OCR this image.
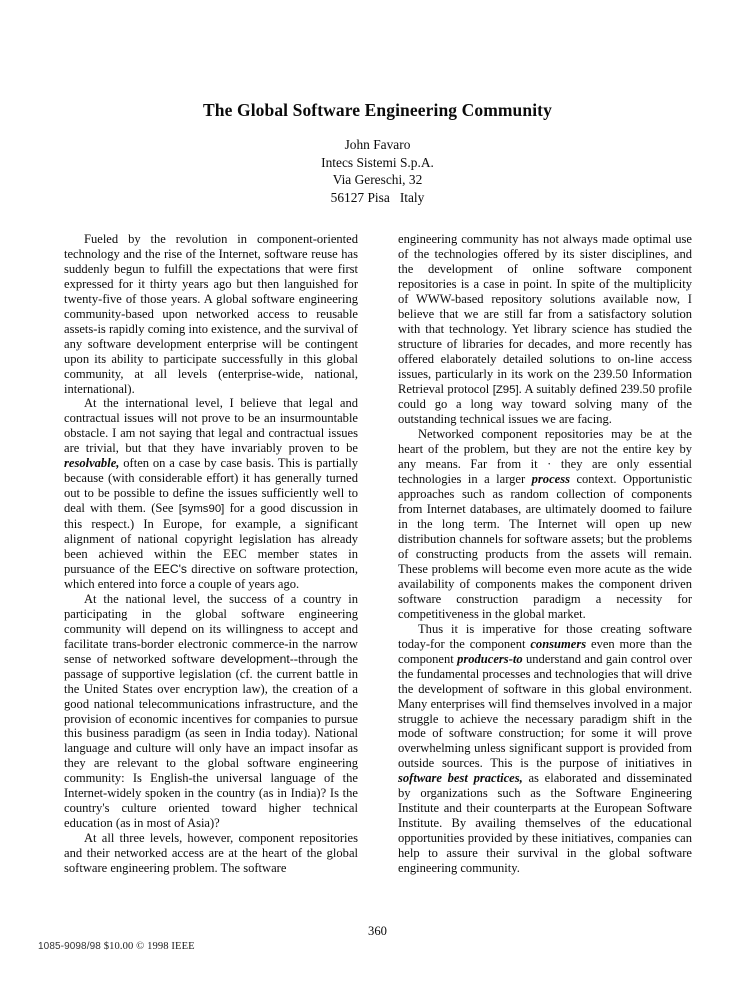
The Global Software Engineering Community
John Favaro
Intecs Sistemi S.p.A.
Via Gereschi, 32
56127 Pisa   Italy

Fueled by the revolution in component-oriented technology and the rise of the Internet, software reuse has suddenly begun to fulfill the expectations that were first expressed for it thirty years ago but then languished for twenty-five of those years. A global software engineering community-based upon networked access to reusable assets-is rapidly coming into existence, and the survival of any software development enterprise will be contingent upon its ability to participate successfully in this global community, at all levels (enterprise-wide, national, international).

At the international level, I believe that legal and contractual issues will not prove to be an insurmountable obstacle. I am not saying that legal and contractual issues are trivial, but that they have invariably proven to be resolvable, often on a case by case basis. This is partially because (with considerable effort) it has generally turned out to be possible to define the issues sufficiently well to deal with them. (See [syms90] for a good discussion in this respect.) In Europe, for example, a significant alignment of national copyright legislation has already been achieved within the EEC member states in pursuance of the EEC's directive on software protection, which entered into force a couple of years ago.

At the national level, the success of a country in participating in the global software engineering community will depend on its willingness to accept and facilitate trans-border electronic commerce-in the narrow sense of networked software development--through the passage of supportive legislation (cf. the current battle in the United States over encryption law), the creation of a good national telecommunications infrastructure, and the provision of economic incentives for companies to pursue this business paradigm (as seen in India today). National language and culture will only have an impact insofar as they are relevant to the global software engineering community: Is English-the universal language of the Internet-widely spoken in the country (as in India)? Is the country's culture oriented toward higher technical education (as in most of Asia)?

At all three levels, however, component repositories and their networked access are at the heart of the global software engineering problem. The software

engineering community has not always made optimal use of the technologies offered by its sister disciplines, and the development of online software component repositories is a case in point. In spite of the multiplicity of WWW-based repository solutions available now, I believe that we are still far from a satisfactory solution with that technology. Yet library science has studied the structure of libraries for decades, and more recently has offered elaborately detailed solutions to on-line access issues, particularly in its work on the 239.50 Information Retrieval protocol [Z95]. A suitably defined 239.50 profile could go a long way toward solving many of the outstanding technical issues we are facing.

Networked component repositories may be at the heart of the problem, but they are not the entire key by any means. Far from it · they are only essential technologies in a larger process context. Opportunistic approaches such as random collection of components from Internet databases, are ultimately doomed to failure in the long term. The Internet will open up new distribution channels for software assets; but the problems of constructing products from the assets will remain. These problems will become even more acute as the wide availability of components makes the component driven software construction paradigm a necessity for competitiveness in the global market.

Thus it is imperative for those creating software today-for the component consumers even more than the component producers-to understand and gain control over the fundamental processes and technologies that will drive the development of software in this global environment. Many enterprises will find themselves involved in a major struggle to achieve the necessary paradigm shift in the mode of software construction; for some it will prove overwhelming unless significant support is provided from outside sources. This is the purpose of initiatives in software best practices, as elaborated and disseminated by organizations such as the Software Engineering Institute and their counterparts at the European Software Institute. By availing themselves of the educational opportunities provided by these initiatives, companies can help to assure their survival in the global software engineering community.

360
1085-9098/98 $10.00 © 1998 IEEE
